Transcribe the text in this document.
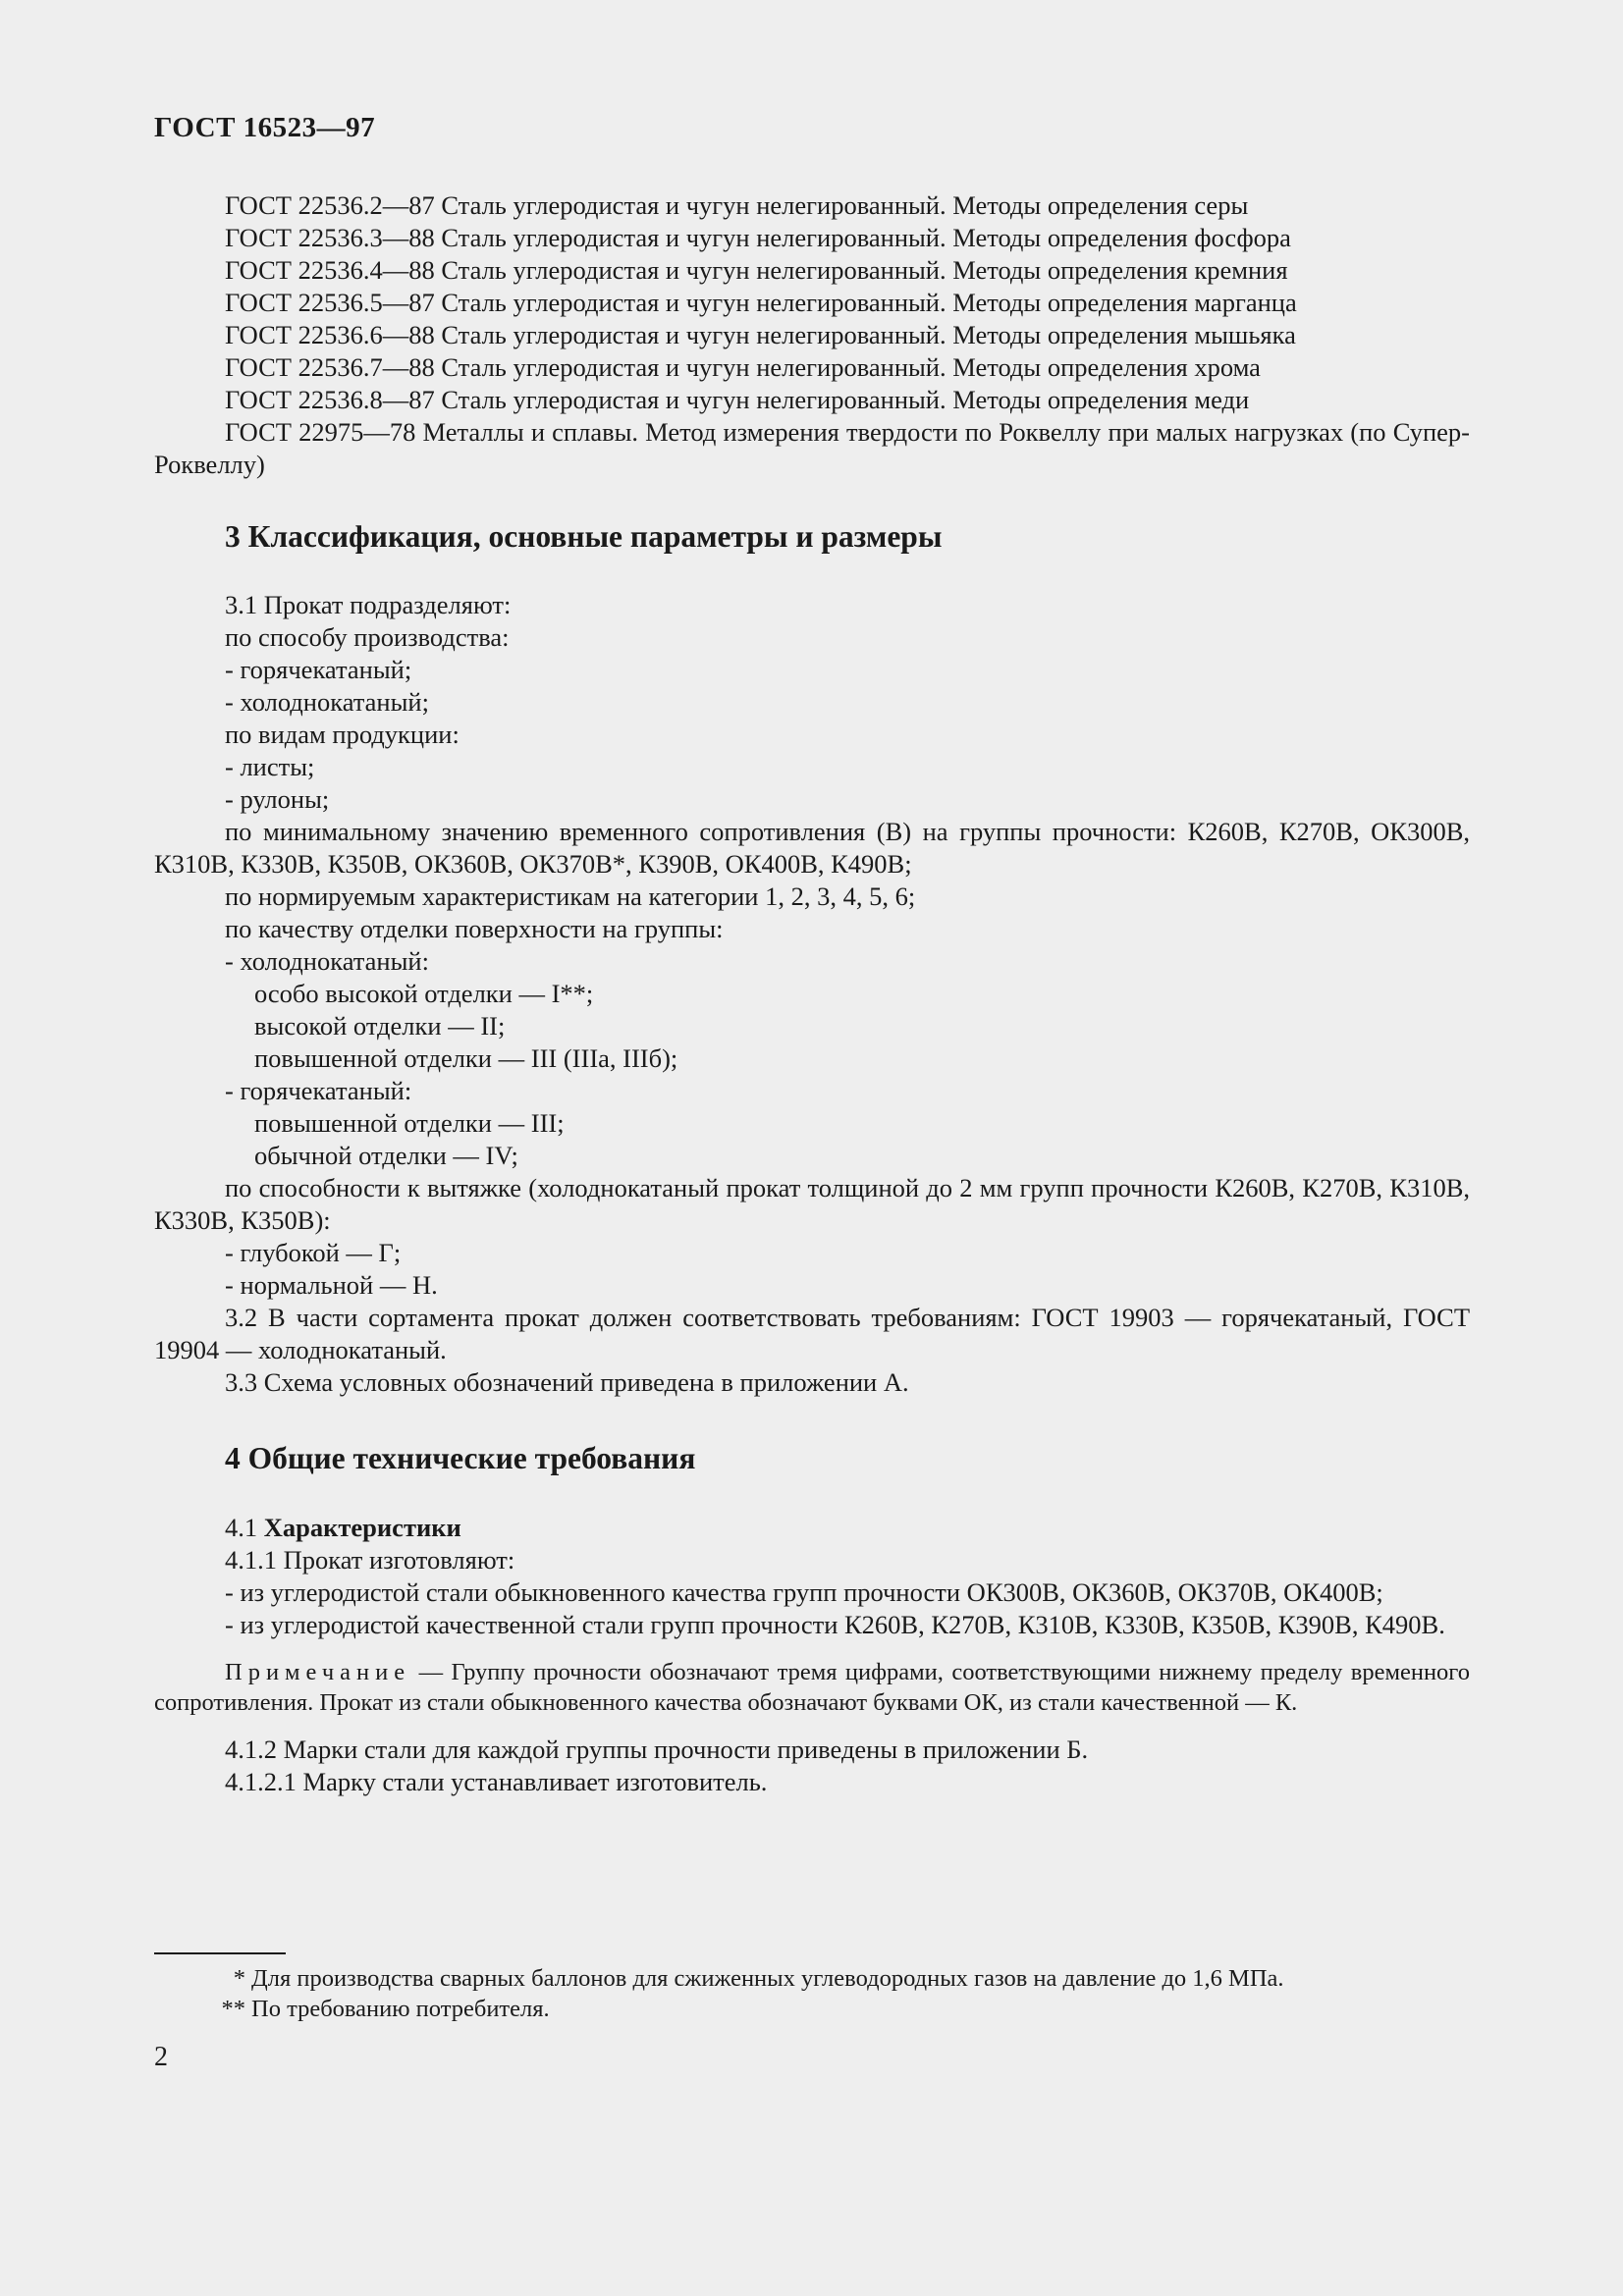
ГОСТ 16523—97

ГОСТ 22536.2—87 Сталь углеродистая и чугун нелегированный. Методы определения серы

ГОСТ 22536.3—88 Сталь углеродистая и чугун нелегированный. Методы определения фосфора

ГОСТ 22536.4—88 Сталь углеродистая и чугун нелегированный. Методы определения кремния

ГОСТ 22536.5—87 Сталь углеродистая и чугун нелегированный. Методы определения марганца

ГОСТ 22536.6—88 Сталь углеродистая и чугун нелегированный. Методы определения мышьяка

ГОСТ 22536.7—88 Сталь углеродистая и чугун нелегированный. Методы определения хрома

ГОСТ 22536.8—87 Сталь углеродистая и чугун нелегированный. Методы определения меди

ГОСТ 22975—78 Металлы и сплавы. Метод измерения твердости по Роквеллу при малых нагрузках (по Супер-Роквеллу)

3 Классификация, основные параметры и размеры

3.1 Прокат подразделяют:

по способу производства:

- горячекатаный;

- холоднокатаный;

по видам продукции:

- листы;

- рулоны;

по минимальному значению временного сопротивления (В) на группы прочности: К260В, К270В, ОК300В, К310В, К330В, К350В, ОК360В, ОК370В*, К390В, ОК400В, К490В;

по нормируемым характеристикам на категории 1, 2, 3, 4, 5, 6;

по качеству отделки поверхности на группы:

- холоднокатаный:

особо высокой отделки — I**;

высокой отделки — II;

повышенной отделки — III (IIIа, IIIб);

- горячекатаный:

повышенной отделки — III;

обычной отделки — IV;

по способности к вытяжке (холоднокатаный прокат толщиной до 2 мм групп прочности К260В, К270В, К310В, К330В, К350В):

- глубокой — Г;

- нормальной — Н.

3.2 В части сортамента прокат должен соответствовать требованиям: ГОСТ 19903 — горячекатаный, ГОСТ 19904 — холоднокатаный.

3.3 Схема условных обозначений приведена в приложении А.

4 Общие технические требования

4.1 Характеристики

4.1.1 Прокат изготовляют:

- из углеродистой стали обыкновенного качества групп прочности ОК300В, ОК360В, ОК370В, ОК400В;

- из углеродистой качественной стали групп прочности К260В, К270В, К310В, К330В, К350В, К390В, К490В.

Примечание — Группу прочности обозначают тремя цифрами, соответствующими нижнему пределу временного сопротивления. Прокат из стали обыкновенного качества обозначают буквами ОК, из стали качественной — К.

4.1.2 Марки стали для каждой группы прочности приведены в приложении Б.

4.1.2.1 Марку стали устанавливает изготовитель.

* Для производства сварных баллонов для сжиженных углеводородных газов на давление до 1,6 МПа.
** По требованию потребителя.
2
